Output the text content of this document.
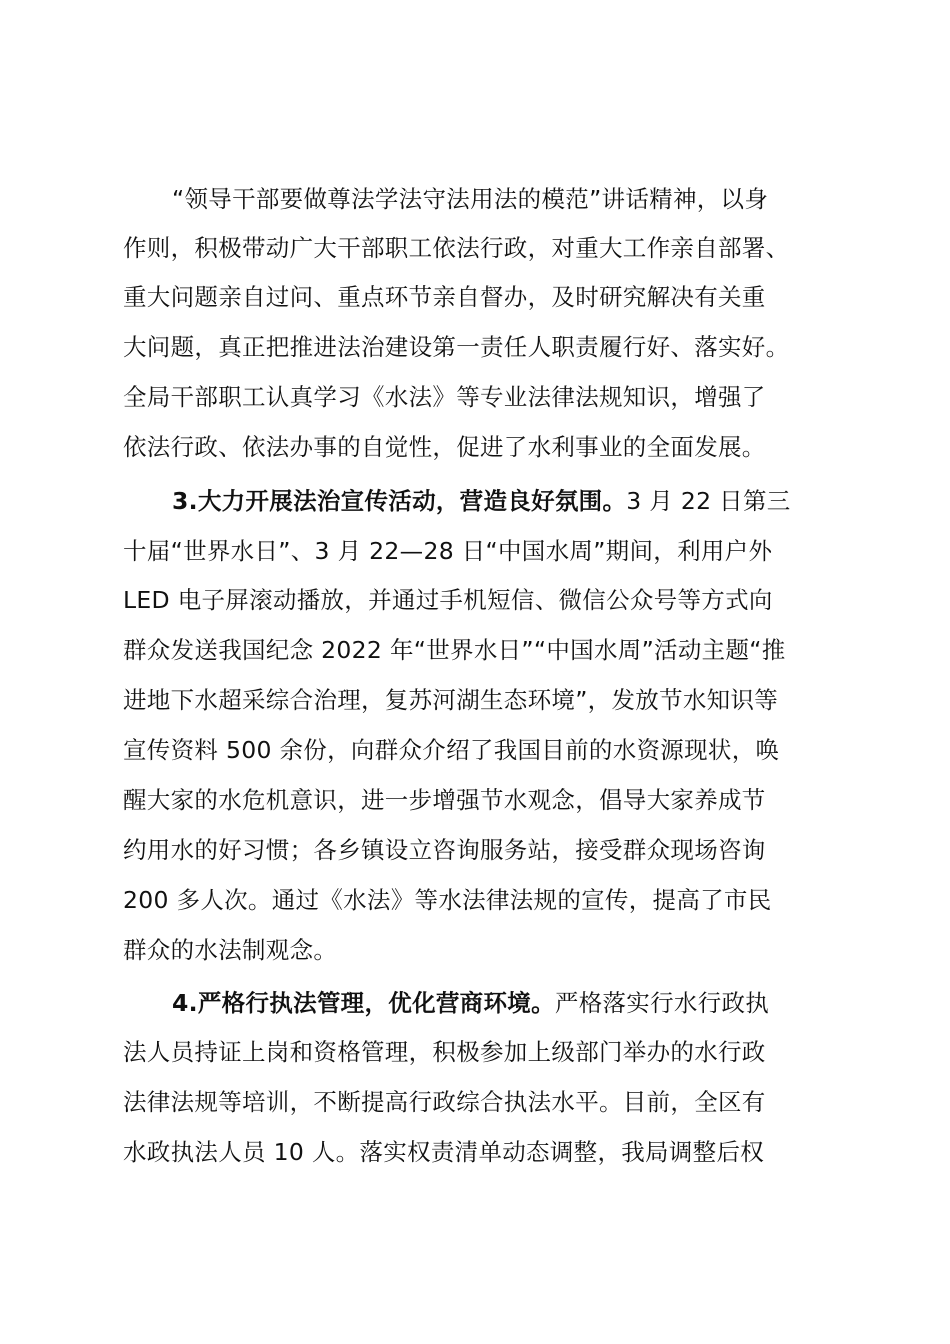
“领导干部要做尊法学法守法用法的模范”讲话精神，以身
作则，积极带动广大干部职工依法行政，对重大工作亲自部署、
重大问题亲自过问、重点环节亲自督办，及时研究解决有关重
大问题，真正把推进法治建设第一责任人职责履行好、落实好。
全局干部职工认真学习《水法》等专业法律法规知识，增强了
依法行政、依法办事的自觉性，促进了水利事业的全面发展。
3.大力开展法治宣传活动，营造良好氛围。3 月 22 日第三
十届“世界水日”、3 月 22—28 日“中国水周”期间，利用户外
LED 电子屏滚动播放，并通过手机短信、微信公众号等方式向
群众发送我国纪念 2022 年“世界水日”“中国水周”活动主题“推
进地下水超采综合治理，复苏河湖生态环境”，发放节水知识等
宣传资料 500 余份，向群众介绍了我国目前的水资源现状，唤
醒大家的水危机意识，进一步增强节水观念，倡导大家养成节
约用水的好习惯；各乡镇设立咨询服务站，接受群众现场咨询
200 多人次。通过《水法》等水法律法规的宣传，提高了市民
群众的水法制观念。
4.严格行执法管理，优化营商环境。严格落实行水行政执
法人员持证上岗和资格管理，积极参加上级部门举办的水行政
法律法规等培训，不断提高行政综合执法水平。目前，全区有
水政执法人员 10 人。落实权责清单动态调整，我局调整后权
